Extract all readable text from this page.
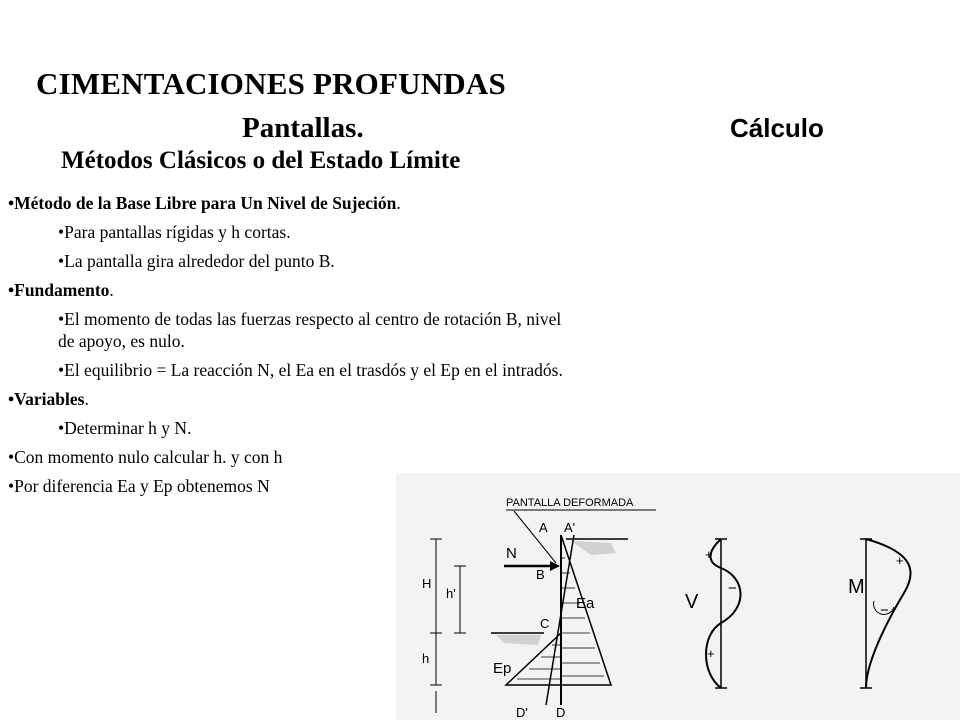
CIMENTACIONES PROFUNDAS
Pantallas.	Cálculo
Métodos Clásicos o del Estado Límite
•Método de la Base Libre para Un Nivel de Sujeción.
•Para pantallas rígidas y h cortas.
•La pantalla gira alrededor del punto B.
•Fundamento.
•El momento de todas las fuerzas respecto al centro de rotación B, nivel de apoyo, es nulo.
•El equilibrio = La reacción N, el Ea en el trasdós y el Ep en el intradós.
•Variables.
•Determinar h y N.
•Con momento nulo calcular h. y con h
•Por diferencia Ea y Ep obtenemos N
PANTALLA DEFORMADA
A A'
B
C
D' D
N
Ea
Ep
H
h'
h
+
−
+
V
+
−
M
